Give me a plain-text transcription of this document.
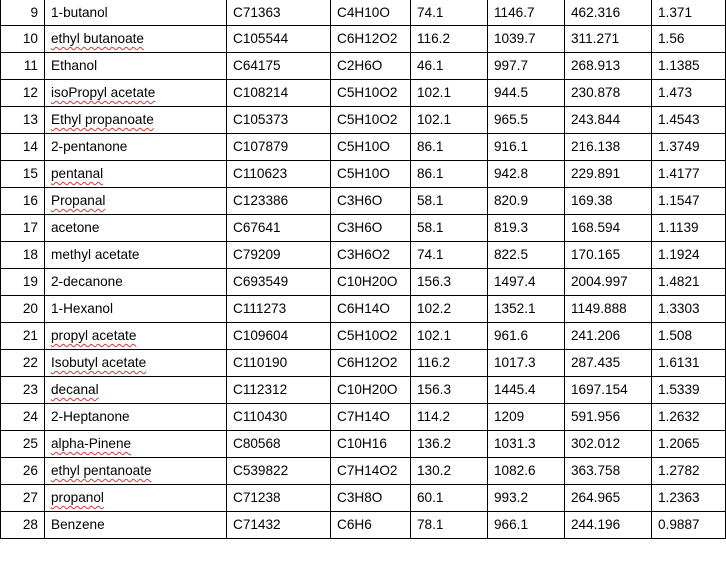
9	1-butanol	C71363	C4H10O	74.1	1146.7	462.316	1.371
10	ethyl butanoate	C105544	C6H12O2	116.2	1039.7	311.271	1.56
11	Ethanol	C64175	C2H6O	46.1	997.7	268.913	1.1385
12	isoPropyl acetate	C108214	C5H10O2	102.1	944.5	230.878	1.473
13	Ethyl propanoate	C105373	C5H10O2	102.1	965.5	243.844	1.4543
14	2-pentanone	C107879	C5H10O	86.1	916.1	216.138	1.3749
15	pentanal	C110623	C5H10O	86.1	942.8	229.891	1.4177
16	Propanal	C123386	C3H6O	58.1	820.9	169.38	1.1547
17	acetone	C67641	C3H6O	58.1	819.3	168.594	1.1139
18	methyl acetate	C79209	C3H6O2	74.1	822.5	170.165	1.1924
19	2-decanone	C693549	C10H20O	156.3	1497.4	2004.997	1.4821
20	1-Hexanol	C111273	C6H14O	102.2	1352.1	1149.888	1.3303
21	propyl acetate	C109604	C5H10O2	102.1	961.6	241.206	1.508
22	Isobutyl acetate	C110190	C6H12O2	116.2	1017.3	287.435	1.6131
23	decanal	C112312	C10H20O	156.3	1445.4	1697.154	1.5339
24	2-Heptanone	C110430	C7H14O	114.2	1209	591.956	1.2632
25	alpha-Pinene	C80568	C10H16	136.2	1031.3	302.012	1.2065
26	ethyl pentanoate	C539822	C7H14O2	130.2	1082.6	363.758	1.2782
27	propanol	C71238	C3H8O	60.1	993.2	264.965	1.2363
28	Benzene	C71432	C6H6	78.1	966.1	244.196	0.9887
